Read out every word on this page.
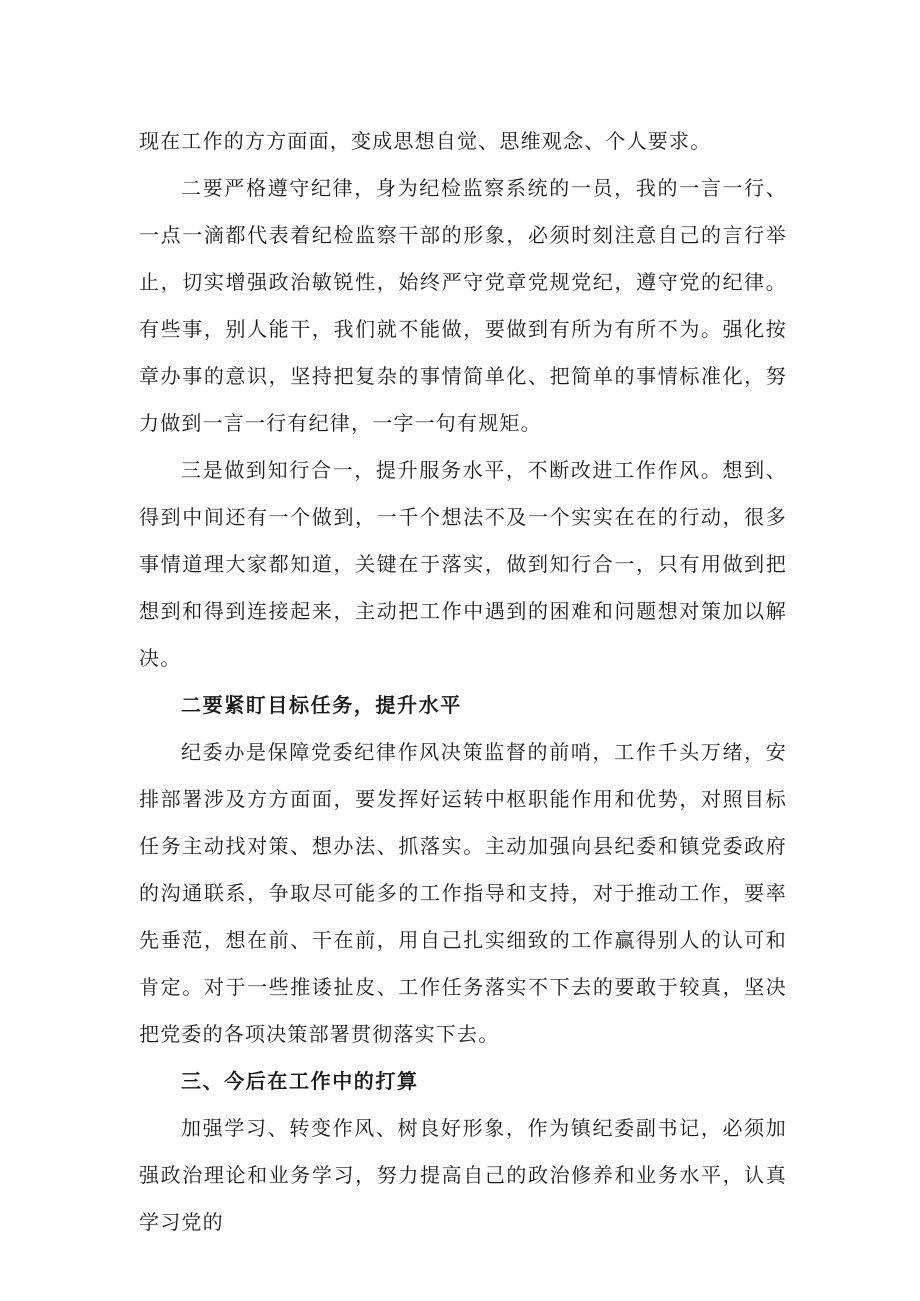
现在工作的方方面面，变成思想自觉、思维观念、个人要求。

二要严格遵守纪律，身为纪检监察系统的一员，我的一言一行、一点一滴都代表着纪检监察干部的形象，必须时刻注意自己的言行举止，切实增强政治敏锐性，始终严守党章党规党纪，遵守党的纪律。有些事，别人能干，我们就不能做，要做到有所为有所不为。强化按章办事的意识，坚持把复杂的事情简单化、把简单的事情标准化，努力做到一言一行有纪律，一字一句有规矩。

三是做到知行合一，提升服务水平，不断改进工作作风。想到、得到中间还有一个做到，一千个想法不及一个实实在在的行动，很多事情道理大家都知道，关键在于落实，做到知行合一，只有用做到把想到和得到连接起来，主动把工作中遇到的困难和问题想对策加以解决。

二要紧盯目标任务，提升水平

纪委办是保障党委纪律作风决策监督的前哨，工作千头万绪，安排部署涉及方方面面，要发挥好运转中枢职能作用和优势，对照目标任务主动找对策、想办法、抓落实。主动加强向县纪委和镇党委政府的沟通联系，争取尽可能多的工作指导和支持，对于推动工作，要率先垂范，想在前、干在前，用自己扎实细致的工作赢得别人的认可和肯定。对于一些推诿扯皮、工作任务落实不下去的要敢于较真，坚决把党委的各项决策部署贯彻落实下去。

三、今后在工作中的打算

加强学习、转变作风、树良好形象，作为镇纪委副书记，必须加强政治理论和业务学习，努力提高自己的政治修养和业务水平，认真学习党的
